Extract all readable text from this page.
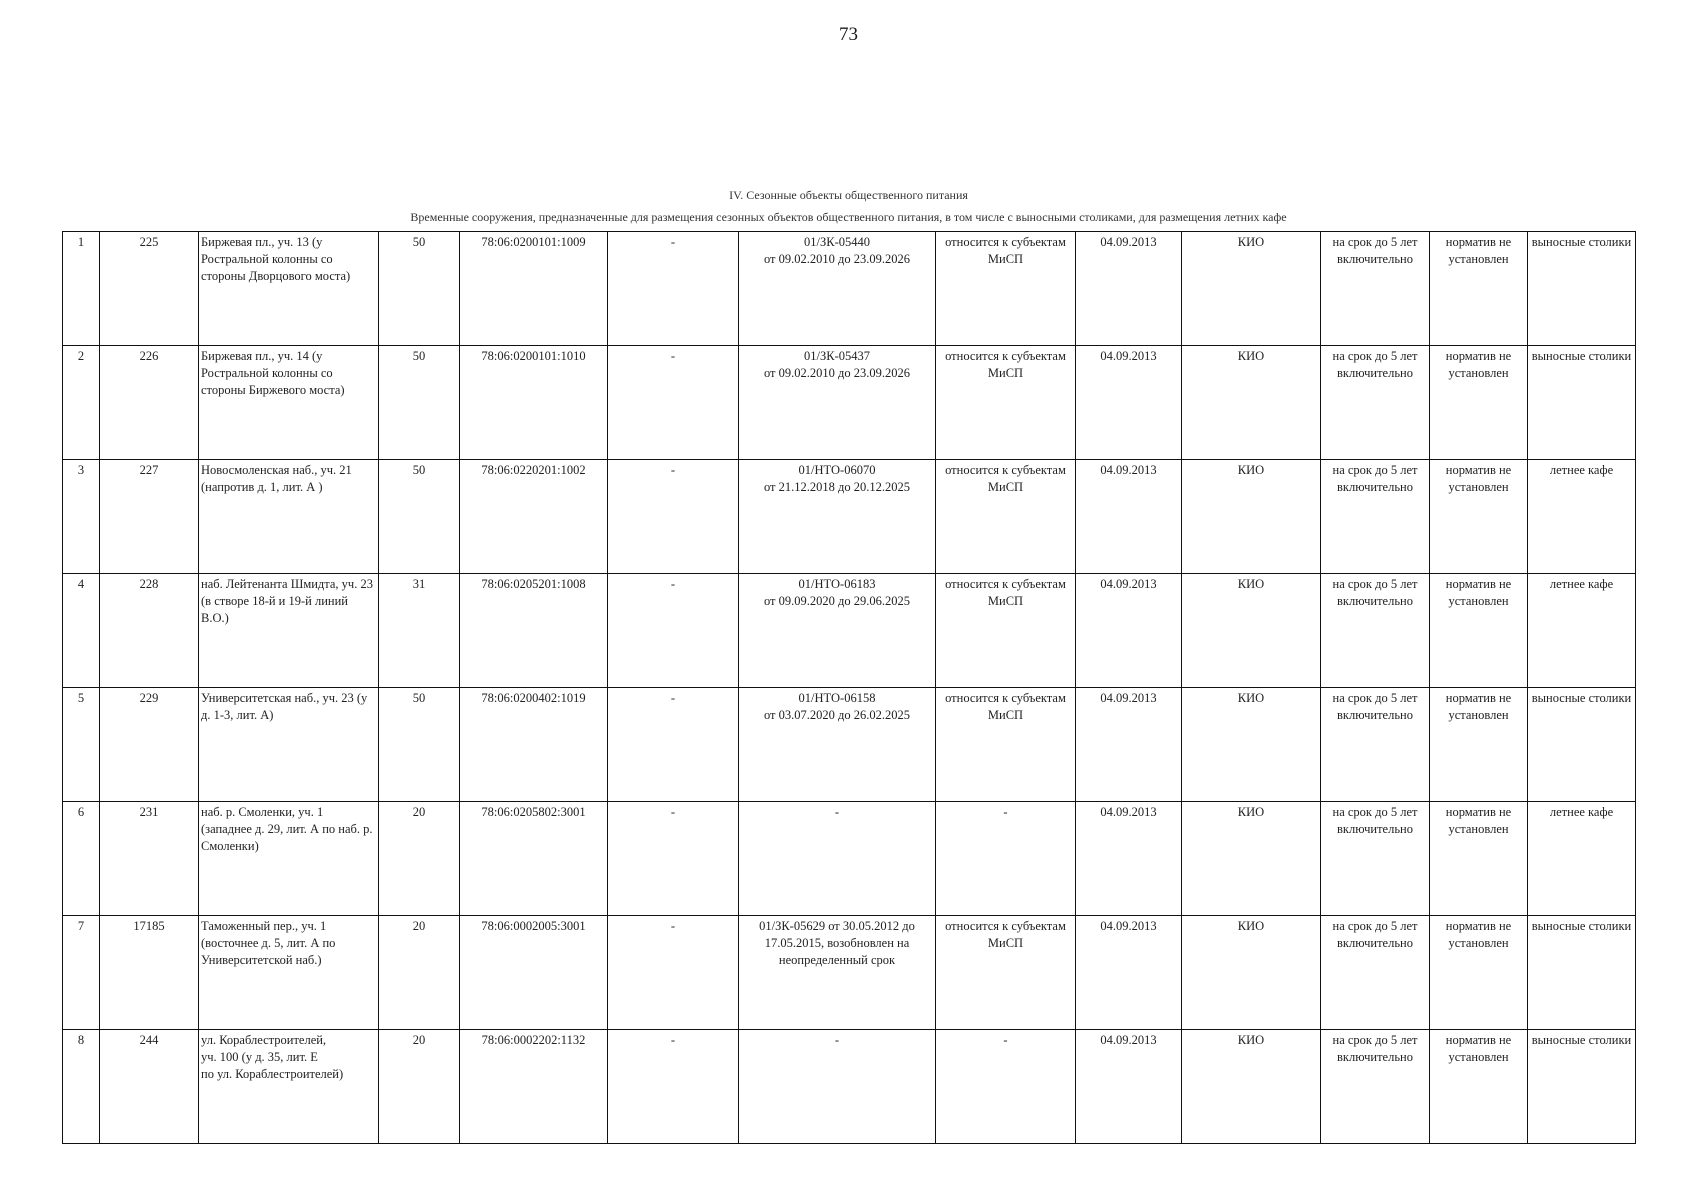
73
IV. Сезонные объекты общественного питания
Временные сооружения, предназначенные для размещения сезонных объектов общественного питания, в том числе с выносными столиками, для размещения летних кафе
1	225	Биржевая пл., уч. 13 (у Ростральной колонны со стороны Дворцового моста)	50	78:06:0200101:1009	-	01/ЗК-05440
от 09.02.2010 до 23.09.2026	относится к субъектам МиСП	04.09.2013	КИО	на срок до 5 лет включительно	норматив не установлен	выносные столики
2	226	Биржевая пл., уч. 14 (у Ростральной колонны со стороны Биржевого моста)	50	78:06:0200101:1010	-	01/ЗК-05437
от 09.02.2010 до 23.09.2026	относится к субъектам МиСП	04.09.2013	КИО	на срок до 5 лет включительно	норматив не установлен	выносные столики
3	227	Новосмоленская наб., уч. 21 (напротив д. 1, лит. А )	50	78:06:0220201:1002	-	01/НТО-06070
от 21.12.2018 до 20.12.2025	относится к субъектам МиСП	04.09.2013	КИО	на срок до 5 лет включительно	норматив не установлен	летнее кафе
4	228	наб. Лейтенанта Шмидта, уч. 23 (в створе 18-й и 19-й линий В.О.)	31	78:06:0205201:1008	-	01/НТО-06183
от 09.09.2020 до 29.06.2025	относится к субъектам МиСП	04.09.2013	КИО	на срок до 5 лет включительно	норматив не установлен	летнее кафе
5	229	Университетская наб., уч. 23 (у д. 1-3, лит. А)	50	78:06:0200402:1019	-	01/НТО-06158
от 03.07.2020 до 26.02.2025	относится к субъектам МиСП	04.09.2013	КИО	на срок до 5 лет включительно	норматив не установлен	выносные столики
6	231	наб. р. Смоленки, уч. 1 (западнее д. 29, лит. А по наб. р. Смоленки)	20	78:06:0205802:3001	-	-	-	04.09.2013	КИО	на срок до 5 лет включительно	норматив не установлен	летнее кафе
7	17185	Таможенный пер., уч. 1 (восточнее д. 5, лит. А по Университетской наб.)	20	78:06:0002005:3001	-	01/ЗК-05629 от 30.05.2012 до 17.05.2015, возобновлен на неопределенный срок	относится к субъектам МиСП	04.09.2013	КИО	на срок до 5 лет включительно	норматив не установлен	выносные столики
8	244	ул. Кораблестроителей,
уч. 100 (у д. 35, лит. Е
по ул. Кораблестроителей)	20	78:06:0002202:1132	-	-	-	04.09.2013	КИО	на срок до 5 лет включительно	норматив не установлен	выносные столики
